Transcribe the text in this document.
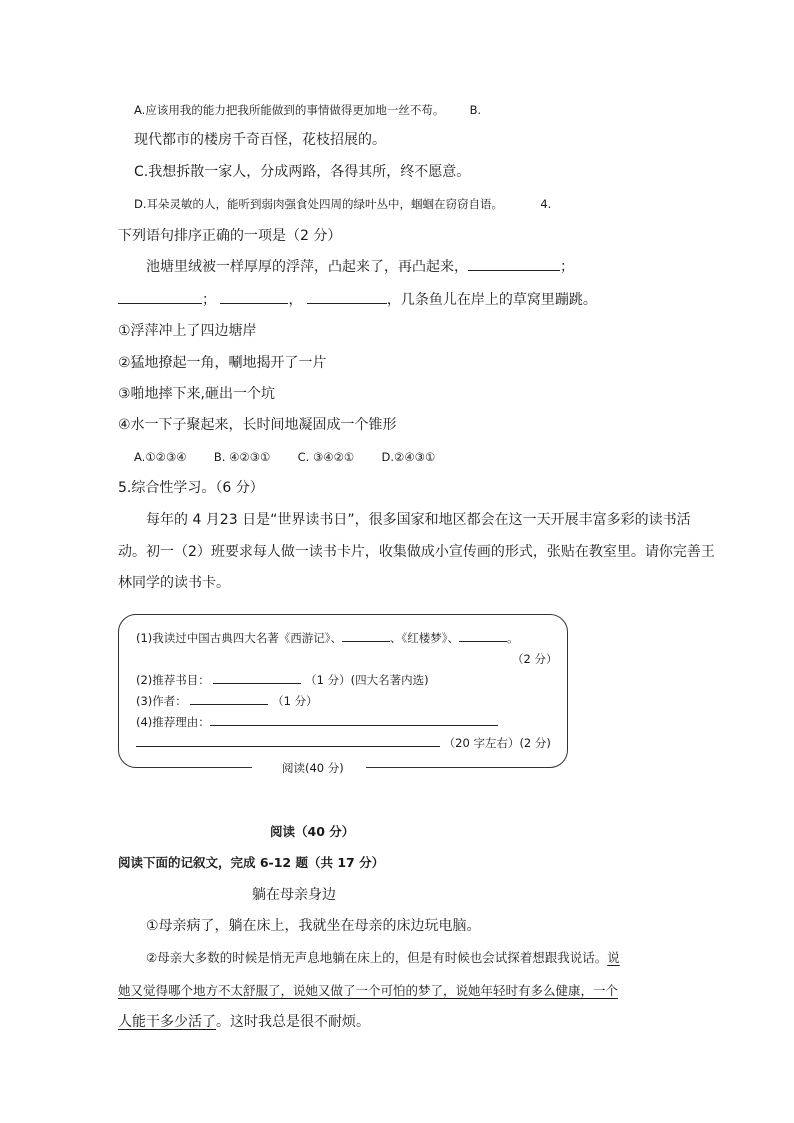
A.应该用我的能力把我所能做到的事情做得更加地一丝不苟。 B.
现代都市的楼房千奇百怪，花枝招展的。
C.我想拆散一家人，分成两路，各得其所，终不愿意。
D.耳朵灵敏的人，能听到弱肉强食处四周的绿叶丛中，蝈蝈在窃窃自语。	4.
下列语句排序正确的一项是（2 分）
池塘里绒被一样厚厚的浮萍，凸起来了，再凸起来，	；
；	，	，几条鱼儿在岸上的草窝里蹦跳。
①浮萍冲上了四边塘岸
②猛地撩起一角，唰地揭开了一片
③啪地摔下来,砸出一个坑
④水一下子聚起来，长时间地凝固成一个锥形
A.①②③④ B. ④②③① C. ③④②① D.②④③①
5.综合性学习。（6 分）
每年的 4 月23 日是“世界读书日”，很多国家和地区都会在这一天开展丰富多彩的读书活
动。初一（2）班要求每人做一读书卡片，收集做成小宣传画的形式，张贴在教室里。请你完善王
林同学的读书卡。
(1)我读过中国古典四大名著《西游记》、	、《红楼梦》、	。
（2 分）
(2)推荐书目：	（1 分）(四大名著内选)
(3)作者：	（1 分）
(4)推荐理由：
（20 字左右）(2 分)
阅读(40 分)
阅读（40 分）
阅读下面的记叙文，完成 6-12 题（共 17 分）
躺在母亲身边
①母亲病了，躺在床上，我就坐在母亲的床边玩电脑。
②母亲大多数的时候是悄无声息地躺在床上的，但是有时候也会试探着想跟我说话。说
她又觉得哪个地方不太舒服了，说她又做了一个可怕的梦了，说她年轻时有多么健康，一个
人能干多少活了。这时我总是很不耐烦。
